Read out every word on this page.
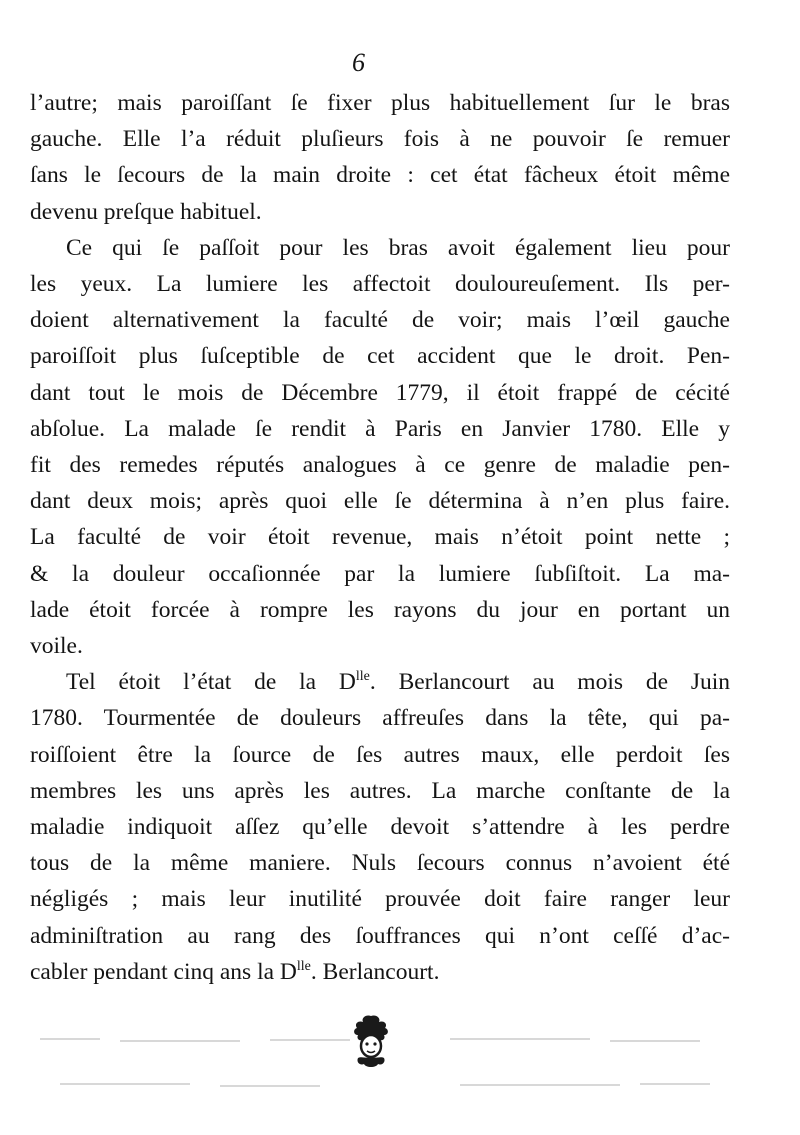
6

l’autre; mais paroiſſant ſe fixer plus habituellement ſur le bras
gauche. Elle l’a réduit pluſieurs fois à ne pouvoir ſe remuer
ſans le ſecours de la main droite : cet état fâcheux étoit même
devenu preſque habituel.

Ce qui ſe paſſoit pour les bras avoit également lieu pour
les yeux. La lumiere les affectoit douloureuſement. Ils per-
doient alternativement la faculté de voir; mais l’œil gauche
paroiſſoit plus ſuſceptible de cet accident que le droit. Pen-
dant tout le mois de Décembre 1779, il étoit frappé de cécité
abſolue. La malade ſe rendit à Paris en Janvier 1780. Elle y
fit des remedes réputés analogues à ce genre de maladie pen-
dant deux mois; après quoi elle ſe détermina à n’en plus faire.
La faculté de voir étoit revenue, mais n’étoit point nette ;
& la douleur occaſionnée par la lumiere ſubſiſtoit. La ma-
lade étoit forcée à rompre les rayons du jour en portant un
voile.

Tel étoit l’état de la $D^{lle}$. Berlancourt au mois de Juin
1780. Tourmentée de douleurs affreuſes dans la tête, qui pa-
roiſſoient être la ſource de ſes autres maux, elle perdoit ſes
membres les uns après les autres. La marche conſtante de la
maladie indiquoit aſſez qu’elle devoit s’attendre à les perdre
tous de la même maniere. Nuls ſecours connus n’avoient été
négligés ; mais leur inutilité prouvée doit faire ranger leur
adminiſtration au rang des ſouffrances qui n’ont ceſſé d’ac-
cabler pendant cinq ans la $D^{lle}$. Berlancourt.
